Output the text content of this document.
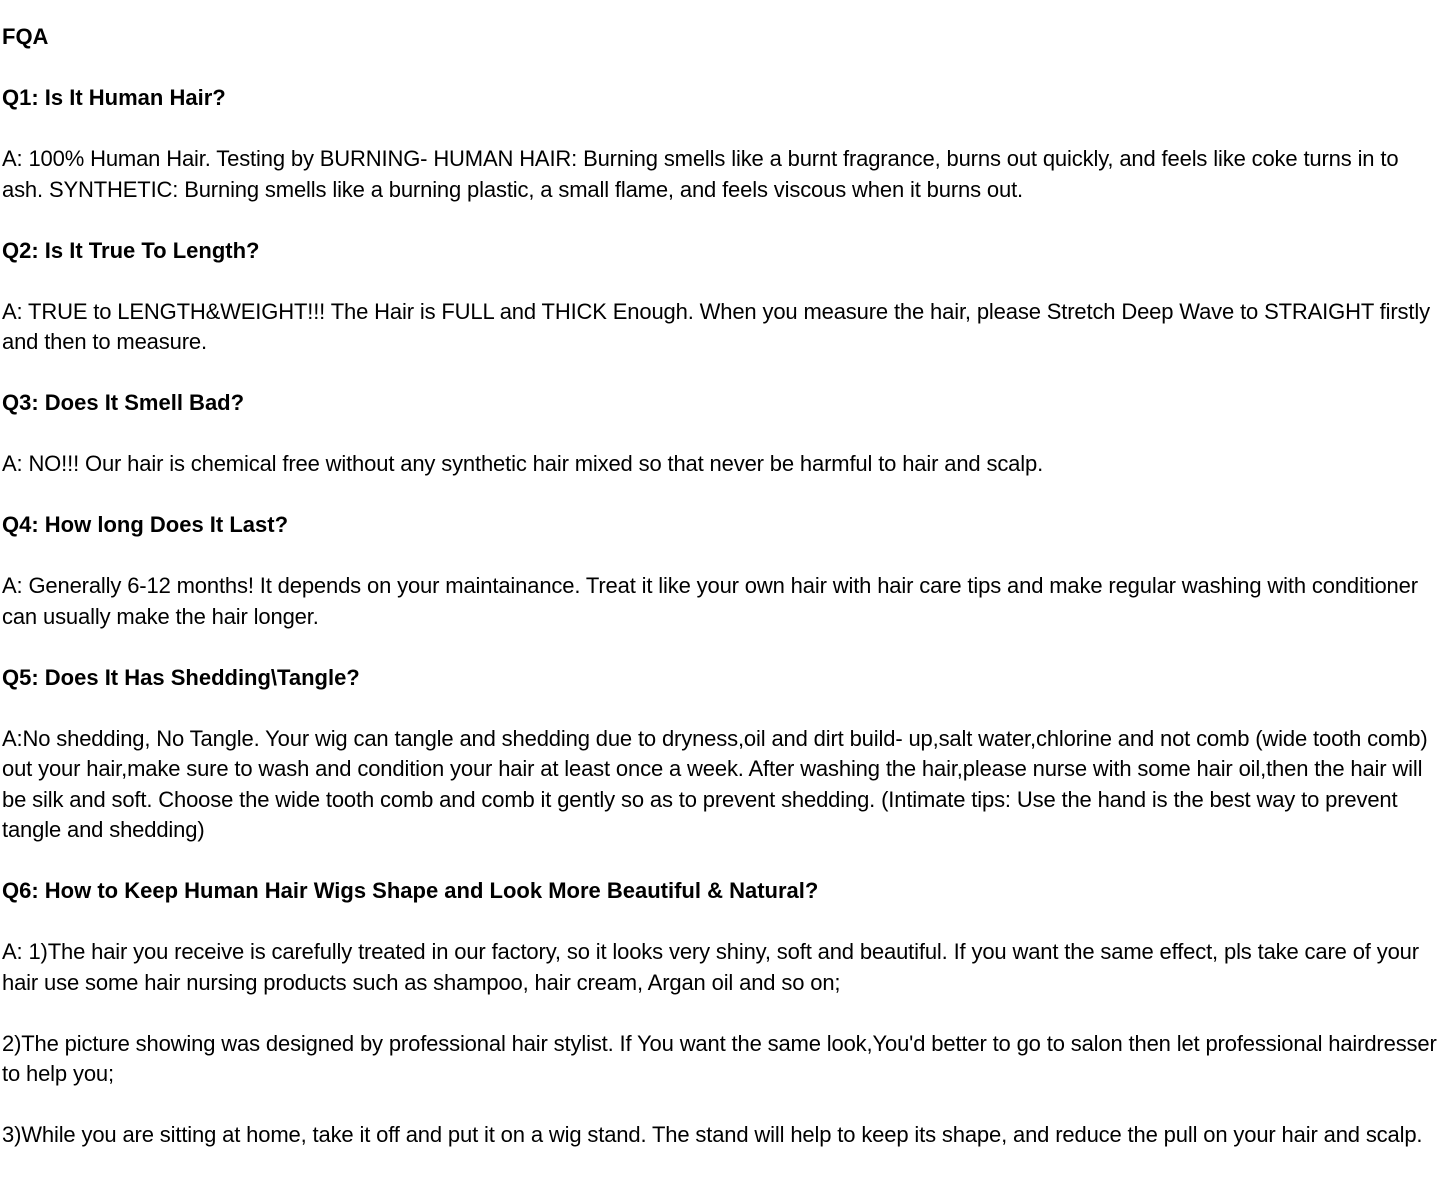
FQA
Q1: Is It Human Hair?

A: 100% Human Hair. Testing by BURNING- HUMAN HAIR: Burning smells like a burnt fragrance, burns out quickly, and feels like coke turns in to ash. SYNTHETIC: Burning smells like a burning plastic, a small flame, and feels viscous when it burns out.

Q2: Is It True To Length?

A: TRUE to LENGTH&WEIGHT!!! The Hair is FULL and THICK Enough. When you measure the hair, please Stretch Deep Wave to STRAIGHT firstly and then to measure.

Q3: Does It Smell Bad?

A: NO!!! Our hair is chemical free without any synthetic hair mixed so that never be harmful to hair and scalp.

Q4: How long Does It Last?

A: Generally 6-12 months! It depends on your maintainance. Treat it like your own hair with hair care tips and make regular washing with conditioner can usually make the hair longer.

Q5: Does It Has Shedding\Tangle?

A:No shedding, No Tangle. Your wig can tangle and shedding due to dryness,oil and dirt build- up,salt water,chlorine and not comb (wide tooth comb) out your hair,make sure to wash and condition your hair at least once a week. After washing the hair,please nurse with some hair oil,then the hair will be silk and soft. Choose the wide tooth comb and comb it gently so as to prevent shedding. (Intimate tips: Use the hand is the best way to prevent tangle and shedding)

Q6: How to Keep Human Hair Wigs Shape and Look More Beautiful & Natural?

A: 1)The hair you receive is carefully treated in our factory, so it looks very shiny, soft and beautiful. If you want the same effect, pls take care of your hair use some hair nursing products such as shampoo, hair cream, Argan oil and so on;

2)The picture showing was designed by professional hair stylist. If You want the same look,You'd better to go to salon then let professional hairdresser to help you;

3)While you are sitting at home, take it off and put it on a wig stand. The stand will help to keep its shape, and reduce the pull on your hair and scalp.
